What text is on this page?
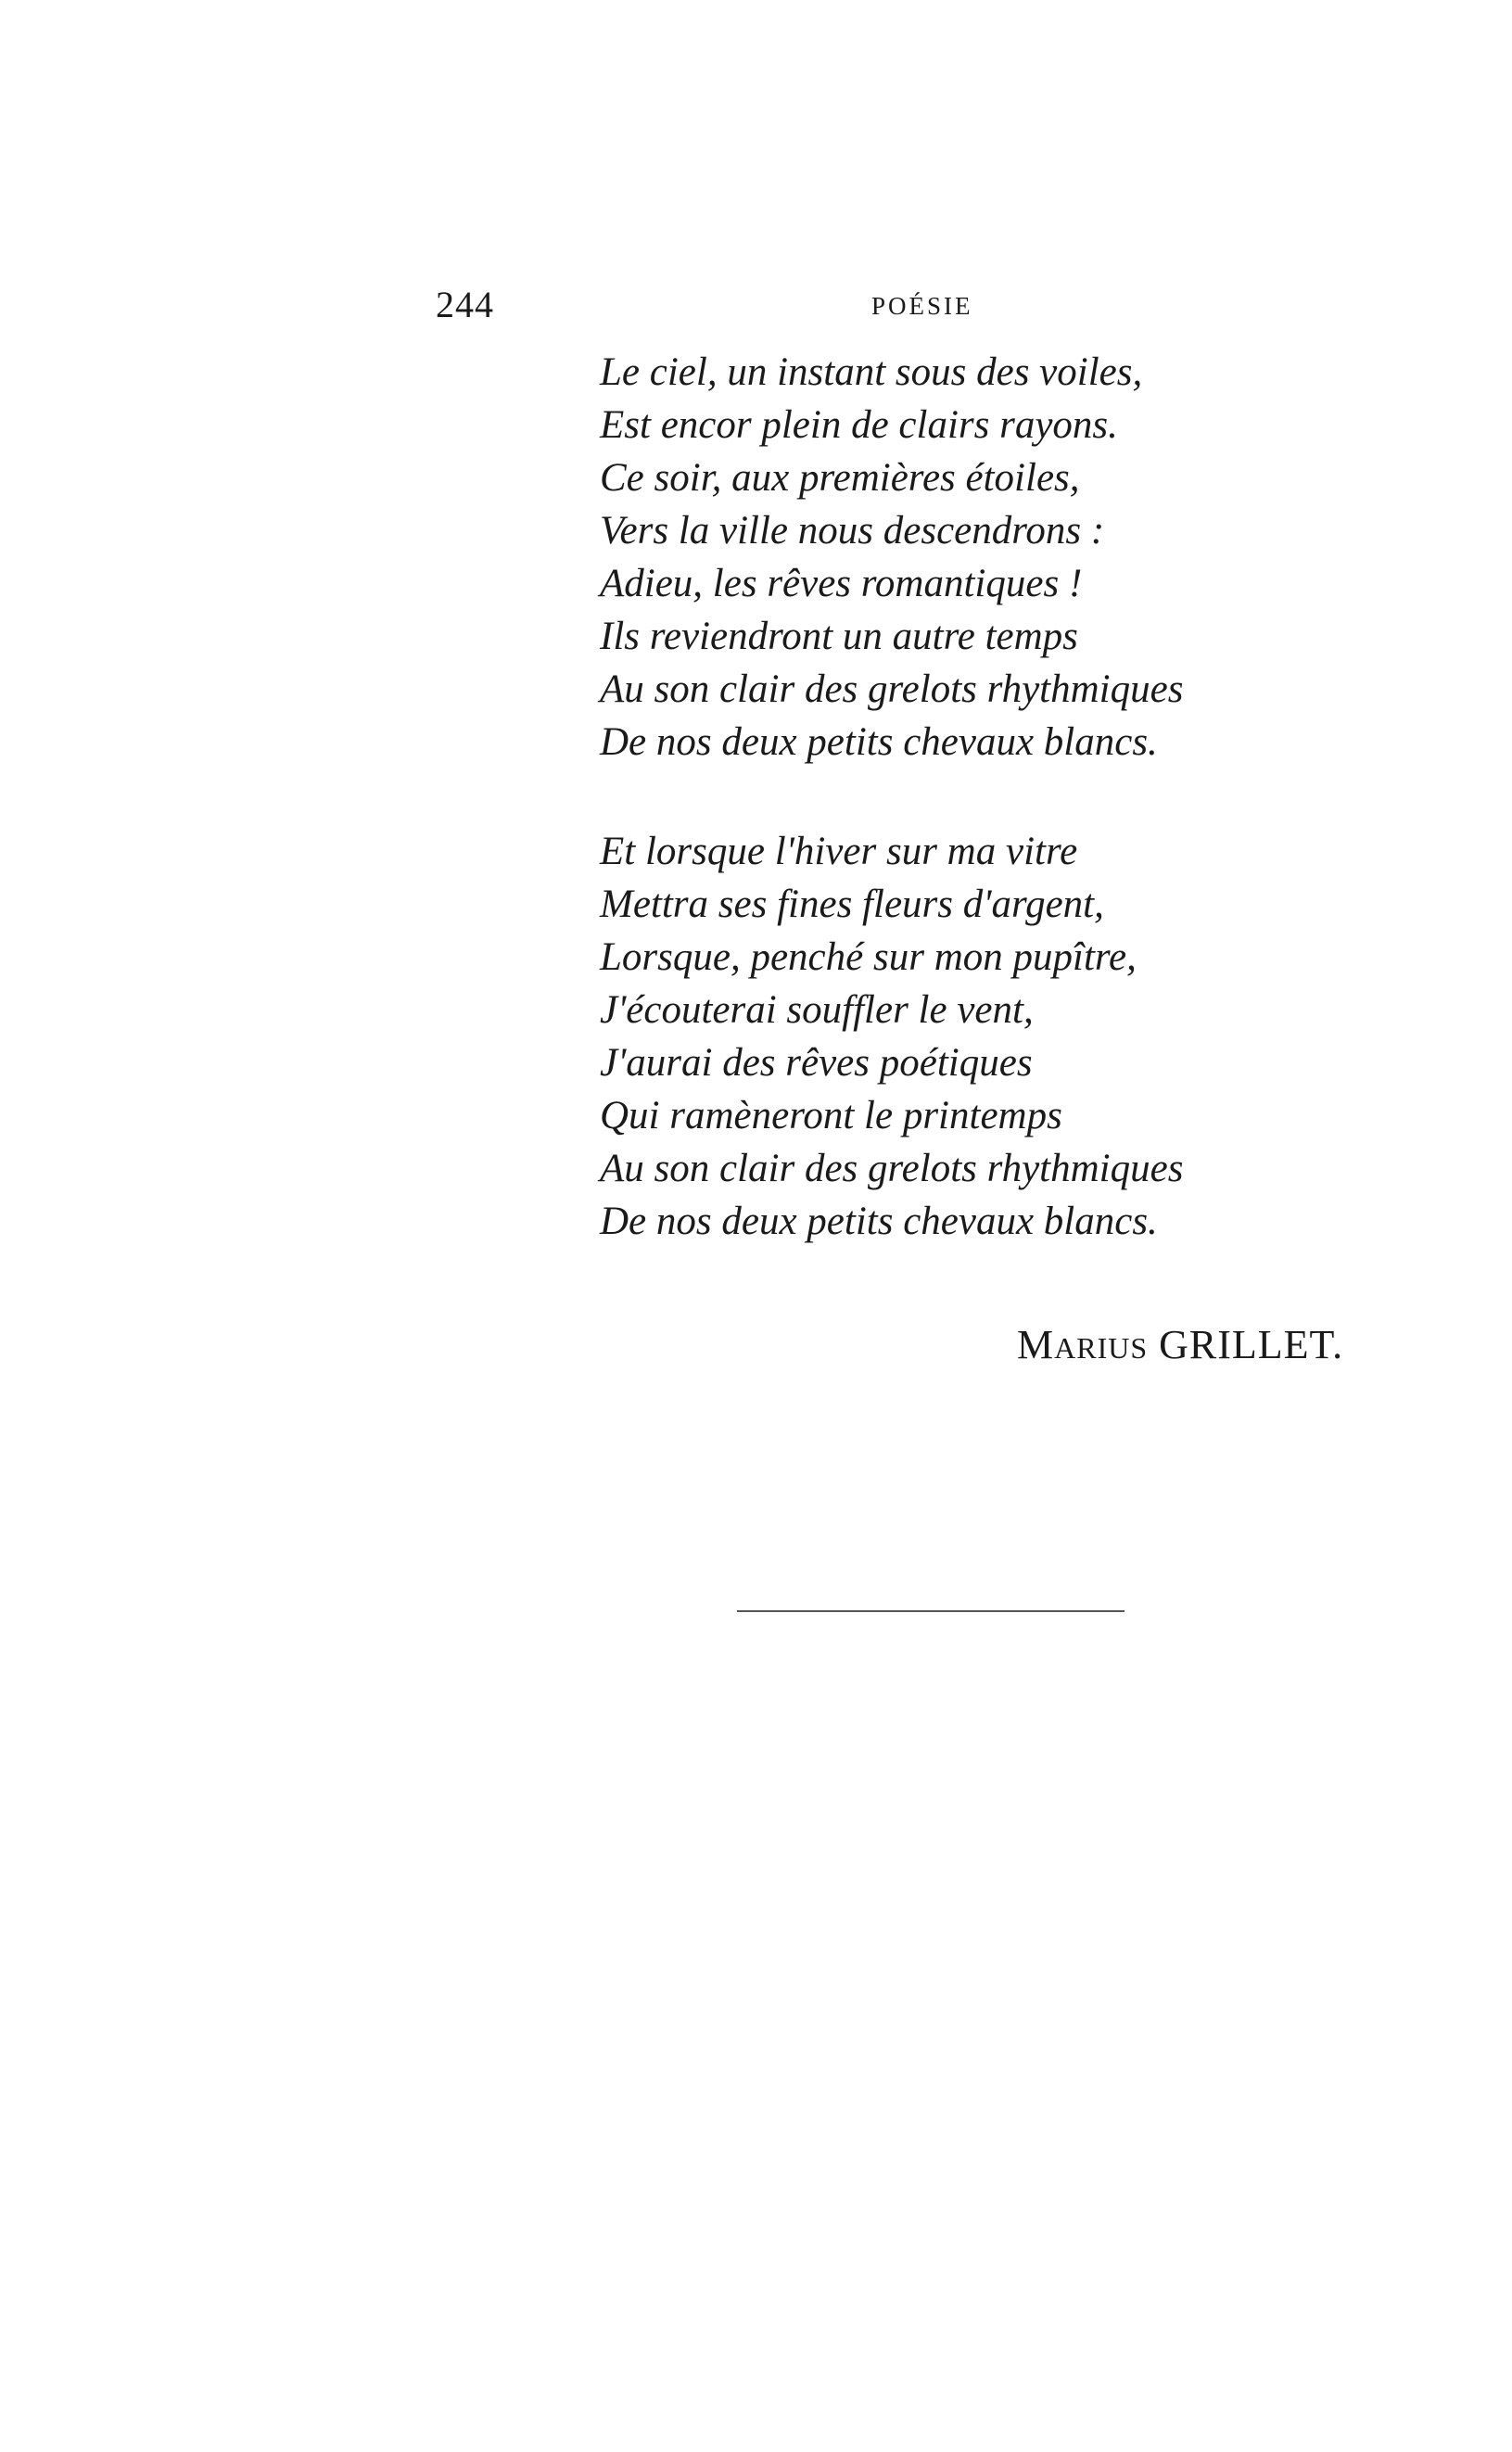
244	POÉSIE
Le ciel, un instant sous des voiles,
Est encor plein de clairs rayons.
Ce soir, aux premières étoiles,
Vers la ville nous descendrons :
Adieu, les rêves romantiques !
Ils reviendront un autre temps
Au son clair des grelots rhythmiques
De nos deux petits chevaux blancs.
Et lorsque l'hiver sur ma vitre
Mettra ses fines fleurs d'argent,
Lorsque, penché sur mon pupître,
J'écouterai souffler le vent,
J'aurai des rêves poétiques
Qui ramèneront le printemps
Au son clair des grelots rhythmiques
De nos deux petits chevaux blancs.
MARIUS GRILLET.
